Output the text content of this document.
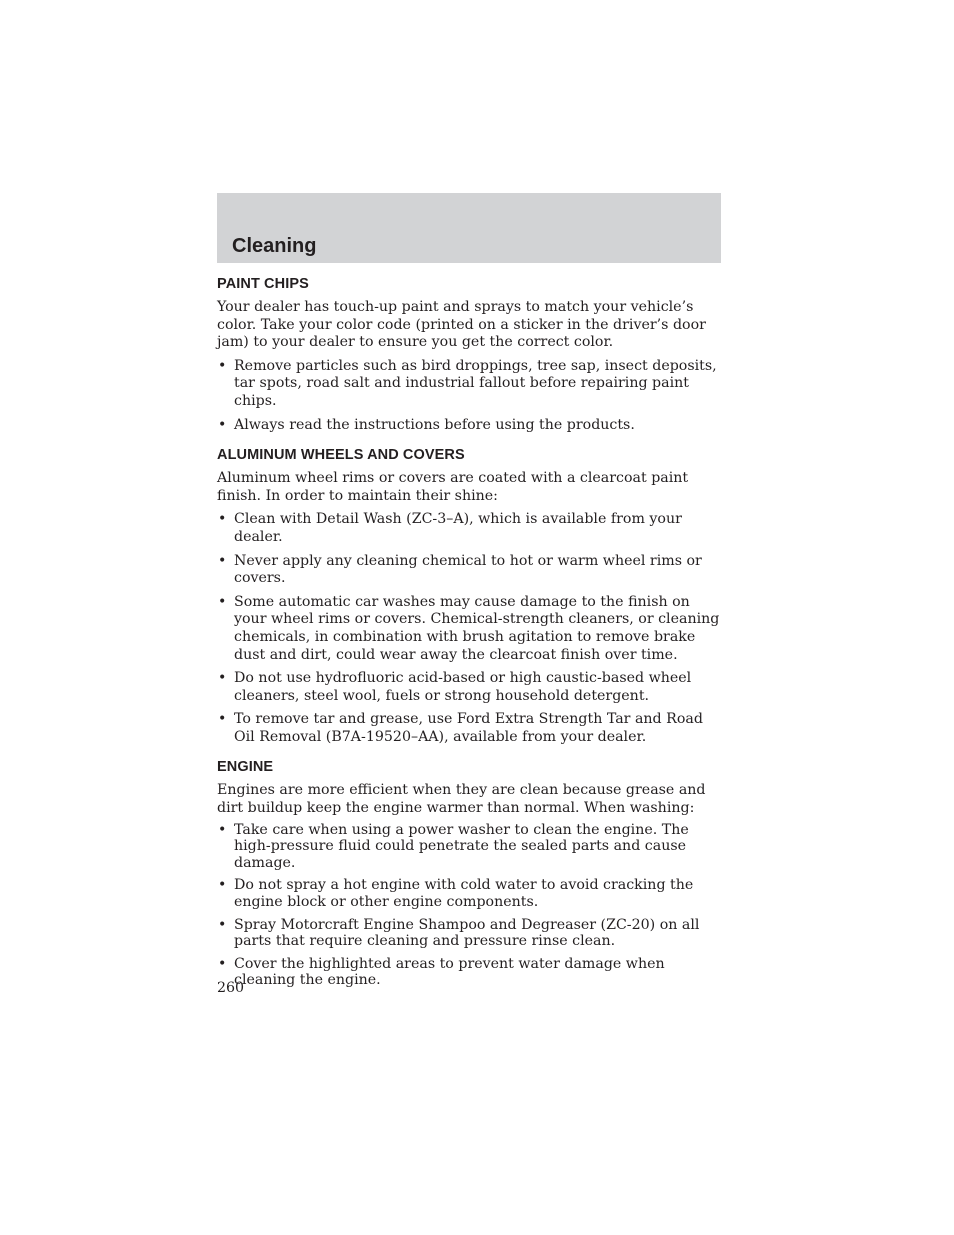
Cleaning
PAINT CHIPS

Your dealer has touch-up paint and sprays to match your vehicle’s color. Take your color code (printed on a sticker in the driver’s door jam) to your dealer to ensure you get the correct color.

• Remove particles such as bird droppings, tree sap, insect deposits, tar spots, road salt and industrial fallout before repairing paint chips.
• Always read the instructions before using the products.
ALUMINUM WHEELS AND COVERS

Aluminum wheel rims or covers are coated with a clearcoat paint finish. In order to maintain their shine:

• Clean with Detail Wash (ZC-3–A), which is available from your dealer.
• Never apply any cleaning chemical to hot or warm wheel rims or covers.
• Some automatic car washes may cause damage to the finish on your wheel rims or covers. Chemical-strength cleaners, or cleaning chemicals, in combination with brush agitation to remove brake dust and dirt, could wear away the clearcoat finish over time.
• Do not use hydrofluoric acid-based or high caustic-based wheel cleaners, steel wool, fuels or strong household detergent.
• To remove tar and grease, use Ford Extra Strength Tar and Road Oil Removal (B7A-19520–AA), available from your dealer.
ENGINE

Engines are more efficient when they are clean because grease and dirt buildup keep the engine warmer than normal. When washing:

• Take care when using a power washer to clean the engine. The high-pressure fluid could penetrate the sealed parts and cause damage.
• Do not spray a hot engine with cold water to avoid cracking the engine block or other engine components.
• Spray Motorcraft Engine Shampoo and Degreaser (ZC-20) on all parts that require cleaning and pressure rinse clean.
• Cover the highlighted areas to prevent water damage when cleaning the engine.
260
